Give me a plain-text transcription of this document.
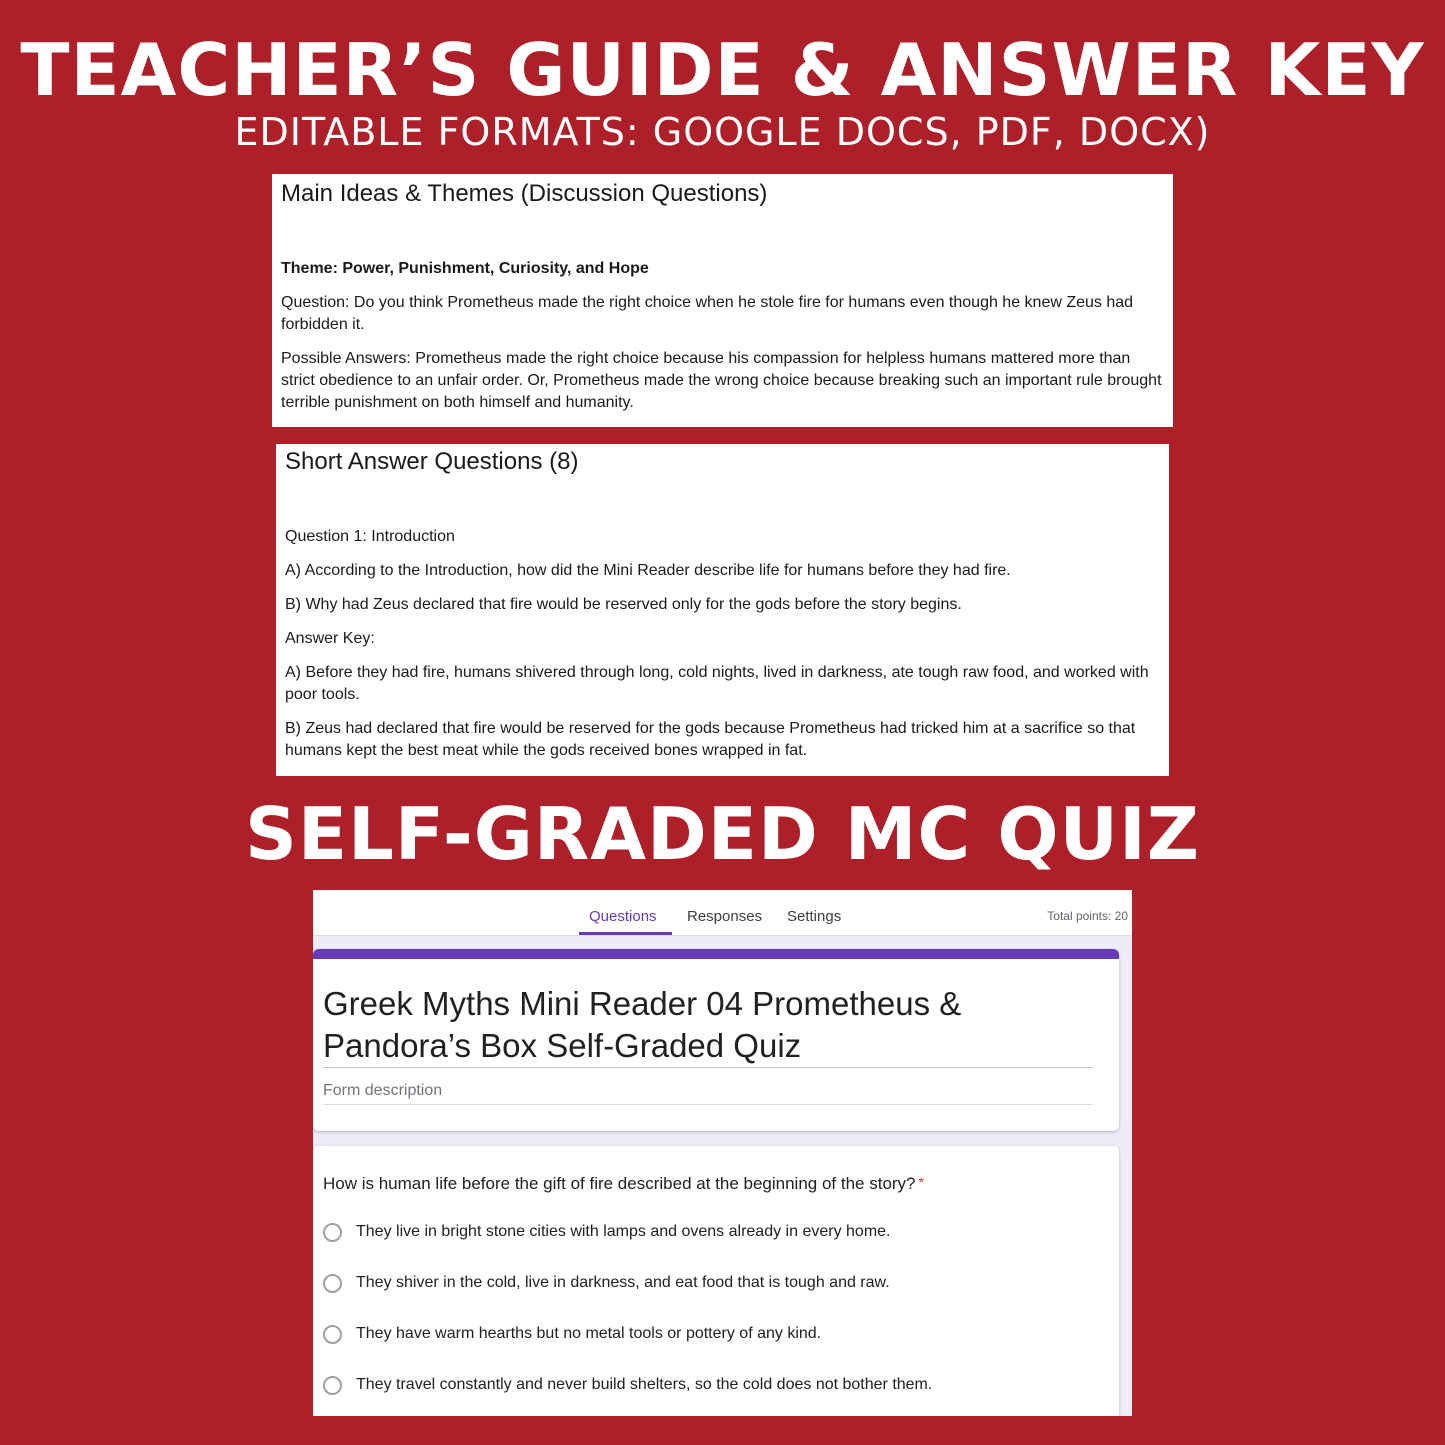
TEACHER’S GUIDE & ANSWER KEY
EDITABLE FORMATS: GOOGLE DOCS, PDF, DOCX)
Main Ideas & Themes (Discussion Questions)
Theme: Power, Punishment, Curiosity, and Hope
Question: Do you think Prometheus made the right choice when he stole fire for humans even though he knew Zeus had forbidden it.
Possible Answers: Prometheus made the right choice because his compassion for helpless humans mattered more than strict obedience to an unfair order. Or, Prometheus made the wrong choice because breaking such an important rule brought terrible punishment on both himself and humanity.
Short Answer Questions (8)
Question 1: Introduction
A) According to the Introduction, how did the Mini Reader describe life for humans before they had fire.
B) Why had Zeus declared that fire would be reserved only for the gods before the story begins.
Answer Key:
A) Before they had fire, humans shivered through long, cold nights, lived in darkness, ate tough raw food, and worked with poor tools.
B) Zeus had declared that fire would be reserved for the gods because Prometheus had tricked him at a sacrifice so that humans kept the best meat while the gods received bones wrapped in fat.
SELF-GRADED MC QUIZ
Questions Responses Settings	Total points: 20
Greek Myths Mini Reader 04 Prometheus & Pandora’s Box Self-Graded Quiz
Form description
How is human life before the gift of fire described at the beginning of the story? *
They live in bright stone cities with lamps and ovens already in every home.
They shiver in the cold, live in darkness, and eat food that is tough and raw.
They have warm hearths but no metal tools or pottery of any kind.
They travel constantly and never build shelters, so the cold does not bother them.
